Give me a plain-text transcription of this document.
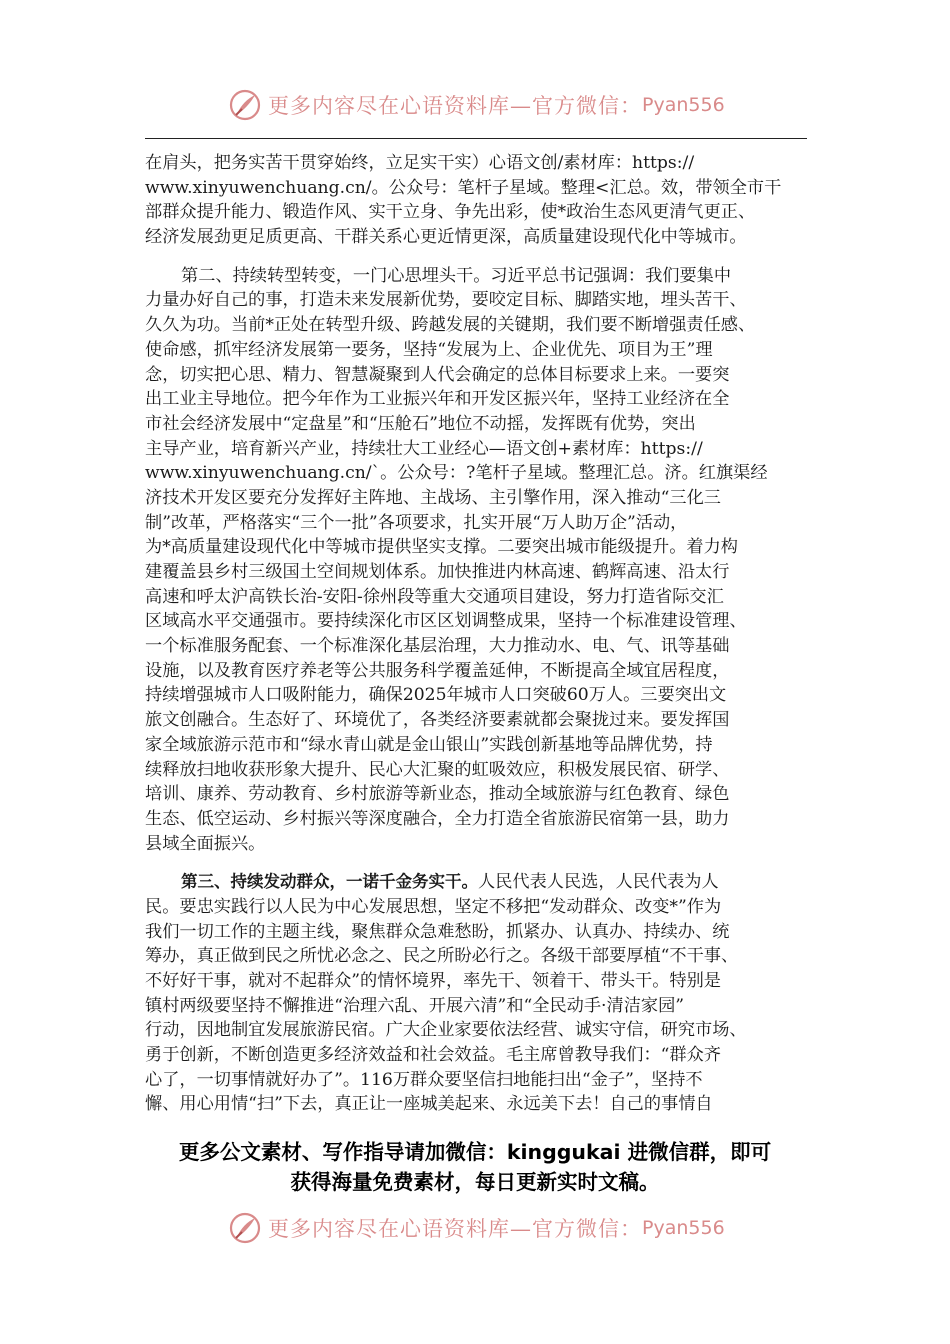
更多内容尽在心语资料库—官方微信： Pyan556
在肩头，把务实苦干贯穿始终，立足实干实）心语文创/素材库：https://
www.xinyuwenchuang.cn/。公众号：笔杆子星域。整理<汇总。效，带领全市干
部群众提升能力、锻造作风、实干立身、争先出彩，使*政治生态风更清气更正、
经济发展劲更足质更高、干群关系心更近情更深，高质量建设现代化中等城市。
第二、持续转型转变，一门心思埋头干。习近平总书记强调：我们要集中
力量办好自己的事，打造未来发展新优势，要咬定目标、脚踏实地，埋头苦干、
久久为功。当前*正处在转型升级、跨越发展的关键期，我们要不断增强责任感、
使命感，抓牢经济发展第一要务，坚持“发展为上、企业优先、项目为王”理
念，切实把心思、精力、智慧凝聚到人代会确定的总体目标要求上来。一要突
出工业主导地位。把今年作为工业振兴年和开发区振兴年，坚持工业经济在全
市社会经济发展中“定盘星”和“压舱石”地位不动摇，发挥既有优势，突出
主导产业，培育新兴产业，持续壮大工业经心—语文创+素材库：https://
www.xinyuwenchuang.cn/`。公众号：?笔杆子星域。整理汇总。济。红旗渠经
济技术开发区要充分发挥好主阵地、主战场、主引擎作用，深入推动“三化三
制”改革，严格落实“三个一批”各项要求，扎实开展“万人助万企”活动，
为*高质量建设现代化中等城市提供坚实支撑。二要突出城市能级提升。着力构
建覆盖县乡村三级国土空间规划体系。加快推进内林高速、鹤辉高速、沿太行
高速和呼太沪高铁长治-安阳-徐州段等重大交通项目建设，努力打造省际交汇
区域高水平交通强市。要持续深化市区区划调整成果，坚持一个标准建设管理、
一个标准服务配套、一个标准深化基层治理，大力推动水、电、气、讯等基础
设施，以及教育医疗养老等公共服务科学覆盖延伸，不断提高全域宜居程度，
持续增强城市人口吸附能力，确保2025年城市人口突破60万人。三要突出文
旅文创融合。生态好了、环境优了，各类经济要素就都会聚拢过来。要发挥国
家全域旅游示范市和“绿水青山就是金山银山”实践创新基地等品牌优势，持
续释放扫地收获形象大提升、民心大汇聚的虹吸效应，积极发展民宿、研学、
培训、康养、劳动教育、乡村旅游等新业态，推动全域旅游与红色教育、绿色
生态、低空运动、乡村振兴等深度融合，全力打造全省旅游民宿第一县，助力
县域全面振兴。
第三、持续发动群众，一诺千金务实干。人民代表人民选，人民代表为人
民。要忠实践行以人民为中心发展思想，坚定不移把“发动群众、改变*”作为
我们一切工作的主题主线，聚焦群众急难愁盼，抓紧办、认真办、持续办、统
筹办，真正做到民之所忧必念之、民之所盼必行之。各级干部要厚植“不干事、
不好好干事，就对不起群众”的情怀境界，率先干、领着干、带头干。特别是
镇村两级要坚持不懈推进“治理六乱、开展六清”和“全民动手·清洁家园”
行动，因地制宜发展旅游民宿。广大企业家要依法经营、诚实守信，研究市场、
勇于创新，不断创造更多经济效益和社会效益。毛主席曾教导我们：“群众齐
心了，一切事情就好办了”。116万群众要坚信扫地能扫出“金子”，坚持不
懈、用心用情“扫”下去，真正让一座城美起来、永远美下去！自己的事情自
更多公文素材、写作指导请加微信：kinggukai 进微信群，即可
获得海量免费素材，每日更新实时文稿。
更多内容尽在心语资料库—官方微信： Pyan556
